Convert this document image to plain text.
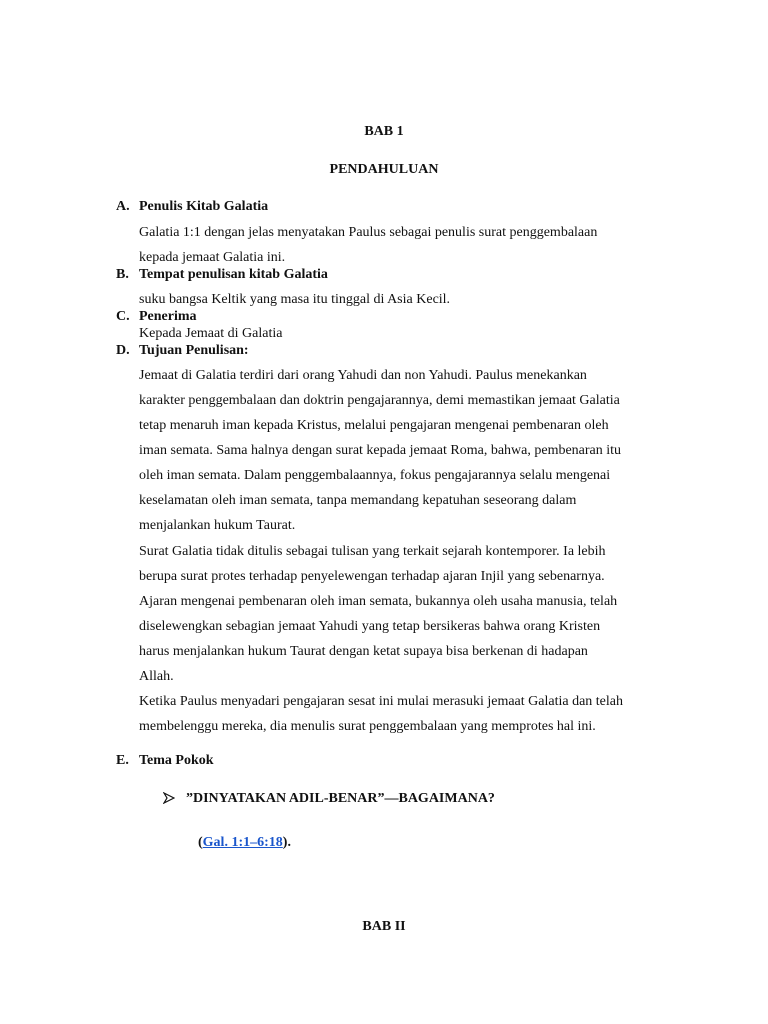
BAB 1
PENDAHULUAN
A. Penulis Kitab Galatia
Galatia 1:1 dengan jelas menyatakan Paulus sebagai penulis surat penggembalaan
kepada jemaat Galatia ini.
B. Tempat penulisan kitab Galatia
suku bangsa Keltik yang masa itu tinggal di Asia Kecil.
C. Penerima
Kepada Jemaat di Galatia
D. Tujuan Penulisan:
Jemaat di Galatia terdiri dari orang Yahudi dan non Yahudi. Paulus menekankan
karakter penggembalaan dan doktrin pengajarannya, demi memastikan jemaat Galatia
tetap menaruh iman kepada Kristus, melalui pengajaran mengenai pembenaran oleh
iman semata. Sama halnya dengan surat kepada jemaat Roma, bahwa, pembenaran itu
oleh iman semata. Dalam penggembalaannya, fokus pengajarannya selalu mengenai
keselamatan oleh iman semata, tanpa memandang kepatuhan seseorang dalam
menjalankan hukum Taurat.
Surat Galatia tidak ditulis sebagai tulisan yang terkait sejarah kontemporer. Ia lebih
berupa surat protes terhadap penyelewengan terhadap ajaran Injil yang sebenarnya.
Ajaran mengenai pembenaran oleh iman semata, bukannya oleh usaha manusia, telah
diselewengkan sebagian jemaat Yahudi yang tetap bersikeras bahwa orang Kristen
harus menjalankan hukum Taurat dengan ketat supaya bisa berkenan di hadapan
Allah.
Ketika Paulus menyadari pengajaran sesat ini mulai merasuki jemaat Galatia dan telah
membelenggu mereka, dia menulis surat penggembalaan yang memprotes hal ini.
E. Tema Pokok
”DINYATAKAN ADIL-BENAR”—BAGAIMANA?
(Gal. 1:1–6:18).
BAB II
